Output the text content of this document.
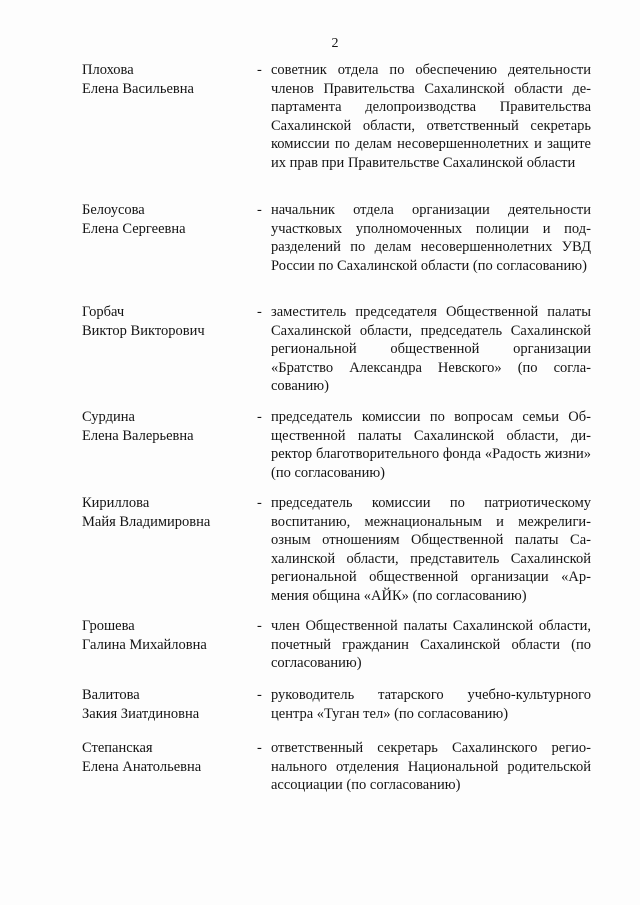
2
Плохова
Елена Васильевна
- советник отдела по обеспечению деятельности членов Правительства Сахалинской области департамента делопроизводства Правительства Сахалинской области, ответственный секретарь комиссии по делам несовершеннолетних и защите их прав при Правительстве Сахалинской области
Белоусова
Елена Сергеевна
- начальник отдела организации деятельности участковых уполномоченных полиции и подразделений по делам несовершеннолетних УВД России по Сахалинской области (по согласованию)
Горбач
Виктор Викторович
- заместитель председателя Общественной палаты Сахалинской области, председатель Сахалинской региональной общественной организации «Братство Александра Невского» (по согласованию)
Сурдина
Елена Валерьевна
- председатель комиссии по вопросам семьи Общественной палаты Сахалинской области, директор благотворительного фонда «Радость жизни» (по согласованию)
Кириллова
Майя Владимировна
- председатель комиссии по патриотическому воспитанию, межнациональным и межрелигиозным отношениям Общественной палаты Сахалинской области, представитель Сахалинской региональной общественной организации «Армения община «АЙК» (по согласованию)
Грошева
Галина Михайловна
- член Общественной палаты Сахалинской области, почетный гражданин Сахалинской области (по согласованию)
Валитова
Закия Зиатдиновна
- руководитель татарского учебно-культурного центра «Туган тел» (по согласованию)
Степанская
Елена Анатольевна
- ответственный секретарь Сахалинского регионального отделения Национальной родительской ассоциации (по согласованию)
